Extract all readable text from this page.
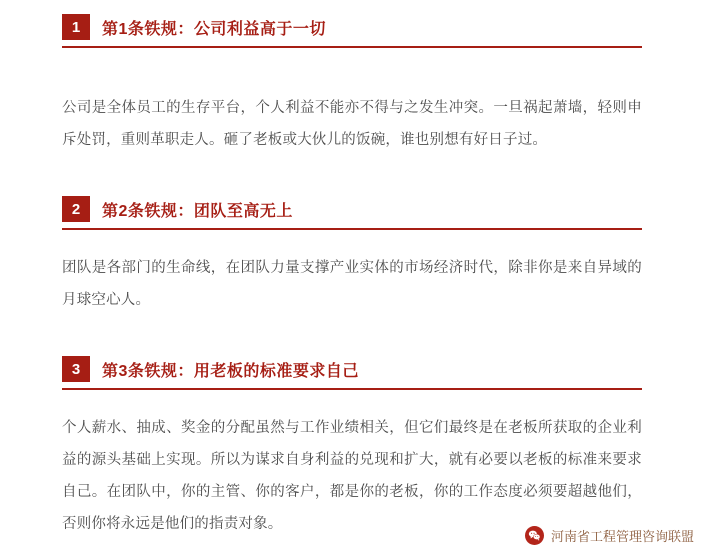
1	第1条铁规：公司利益高于一切

公司是全体员工的生存平台，个人利益不能亦不得与之发生冲突。一旦祸起萧墙，轻则申斥处罚，重则革职走人。砸了老板或大伙儿的饭碗，谁也别想有好日子过。

2	第2条铁规：团队至高无上

团队是各部门的生命线，在团队力量支撑产业实体的市场经济时代，除非你是来自异域的月球空心人。

3	第3条铁规：用老板的标准要求自己

个人薪水、抽成、奖金的分配虽然与工作业绩相关，但它们最终是在老板所获取的企业利益的源头基础上实现。所以为谋求自身利益的兑现和扩大，就有必要以老板的标准来要求自己。在团队中，你的主管、你的客户，都是你的老板，你的工作态度必须要超越他们，否则你将永远是他们的指责对象。

河南省工程管理咨询联盟
